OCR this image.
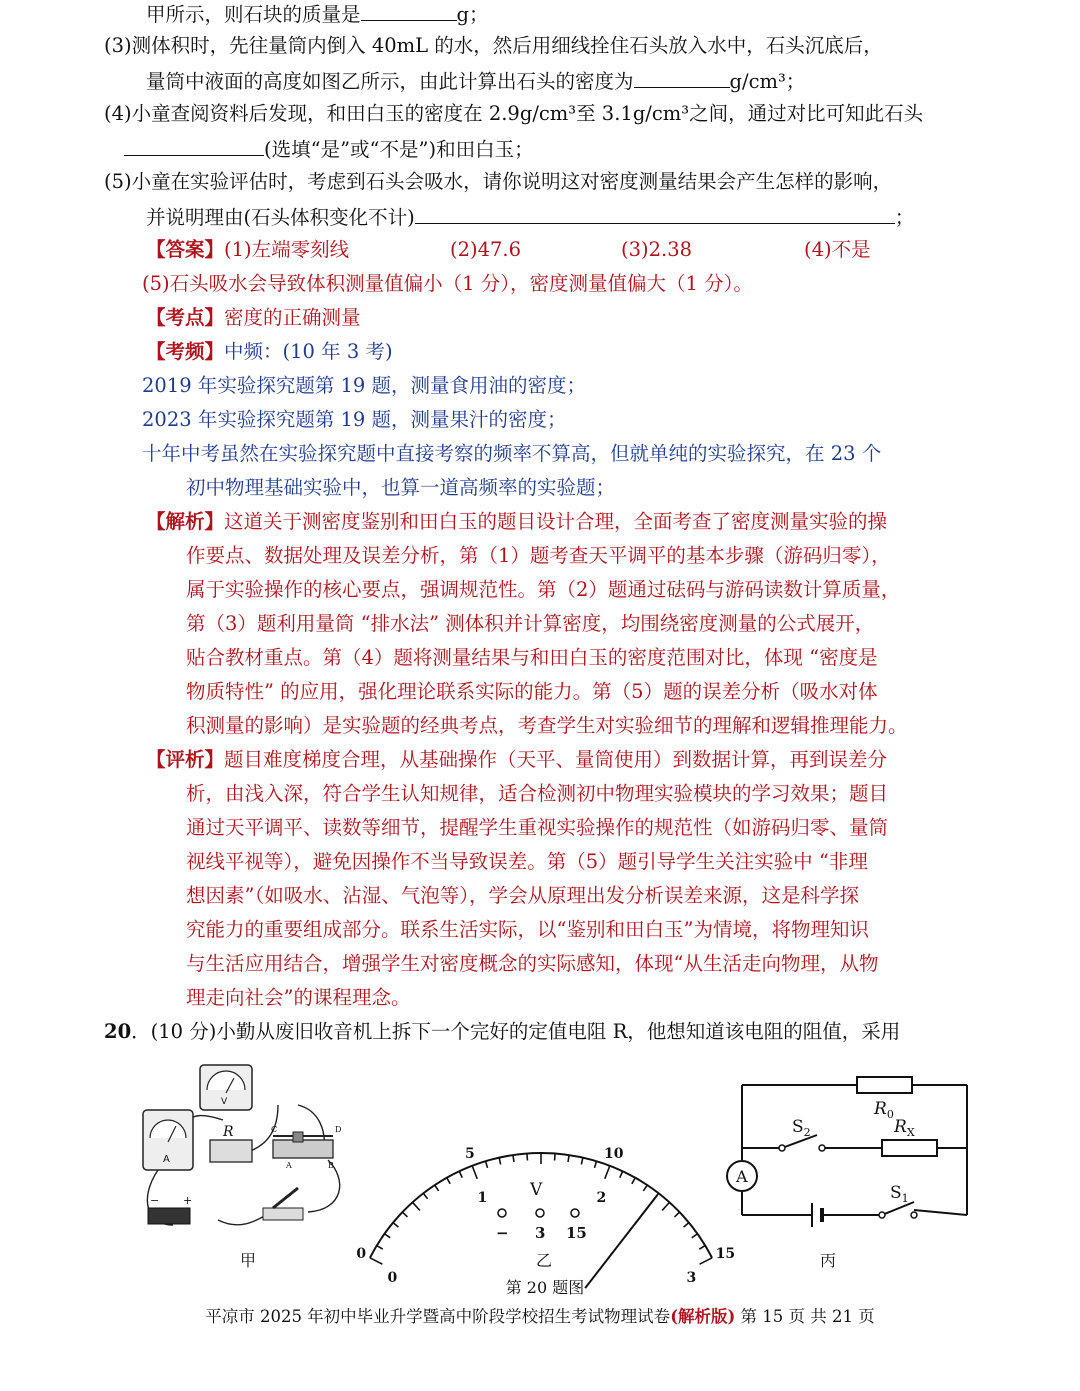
甲所示，则石块的质量是	g；
(3)测体积时，先往量筒内倒入 40mL 的水，然后用细线拴住石头放入水中，石头沉底后，
量筒中液面的高度如图乙所示，由此计算出石头的密度为	g/cm³；
(4)小童查阅资料后发现，和田白玉的密度在 2.9g/cm³至 3.1g/cm³之间，通过对比可知此石头
(选填“是”或“不是”)和田白玉；
(5)小童在实验评估时，考虑到石头会吸水，请你说明这对密度测量结果会产生怎样的影响，
并说明理由(石头体积变化不计)	；
【答案】(1)左端零刻线	(2)47.6	(3)2.38	(4)不是
(5)石头吸水会导致体积测量值偏小（1 分），密度测量值偏大（1 分）。
【考点】密度的正确测量
【考频】中频：(10 年 3 考)
2019 年实验探究题第 19 题，测量食用油的密度；
2023 年实验探究题第 19 题，测量果汁的密度；
十年中考虽然在实验探究题中直接考察的频率不算高，但就单纯的实验探究，在 23 个
初中物理基础实验中，也算一道高频率的实验题；
【解析】这道关于测密度鉴别和田白玉的题目设计合理，全面考查了密度测量实验的操
作要点、数据处理及误差分析，第（1）题考查天平调平的基本步骤（游码归零），
属于实验操作的核心要点，强调规范性。第（2）题通过砝码与游码读数计算质量，
第（3）题利用量筒 “排水法” 测体积并计算密度，均围绕密度测量的公式展开，
贴合教材重点。第（4）题将测量结果与和田白玉的密度范围对比，体现 “密度是
物质特性” 的应用，强化理论联系实际的能力。第（5）题的误差分析（吸水对体
积测量的影响）是实验题的经典考点，考查学生对实验细节的理解和逻辑推理能力。
【评析】题目难度梯度合理，从基础操作（天平、量筒使用）到数据计算，再到误差分
析，由浅入深，符合学生认知规律，适合检测初中物理实验模块的学习效果；题目
通过天平调平、读数等细节，提醒学生重视实验操作的规范性（如游码归零、量筒
视线平视等），避免因操作不当导致误差。第（5）题引导学生关注实验中 “非理
想因素”（如吸水、沾湿、气泡等），学会从原理出发分析误差来源，这是科学探
究能力的重要组成部分。联系生活实际，以“鉴别和田白玉”为情境，将物理知识
与生活应用结合，增强学生对密度概念的实际感知，体现“从生活走向物理，从物
理走向社会”的课程理念。
20．(10 分)小勤从废旧收音机上拆下一个完好的定值电阻 R，他想知道该电阻的阻值，采用
A
V
R	C	D
A	B
− +
甲	0
5	10
15
0
1	2
3
V
− 3 15
乙
A
$R_0$
$R_X$
$S_2$
$S_1$
丙
第 20 题图
平凉市 2025 年初中毕业升学暨高中阶段学校招生考试物理试卷(解析版) 第 15 页 共 21 页
